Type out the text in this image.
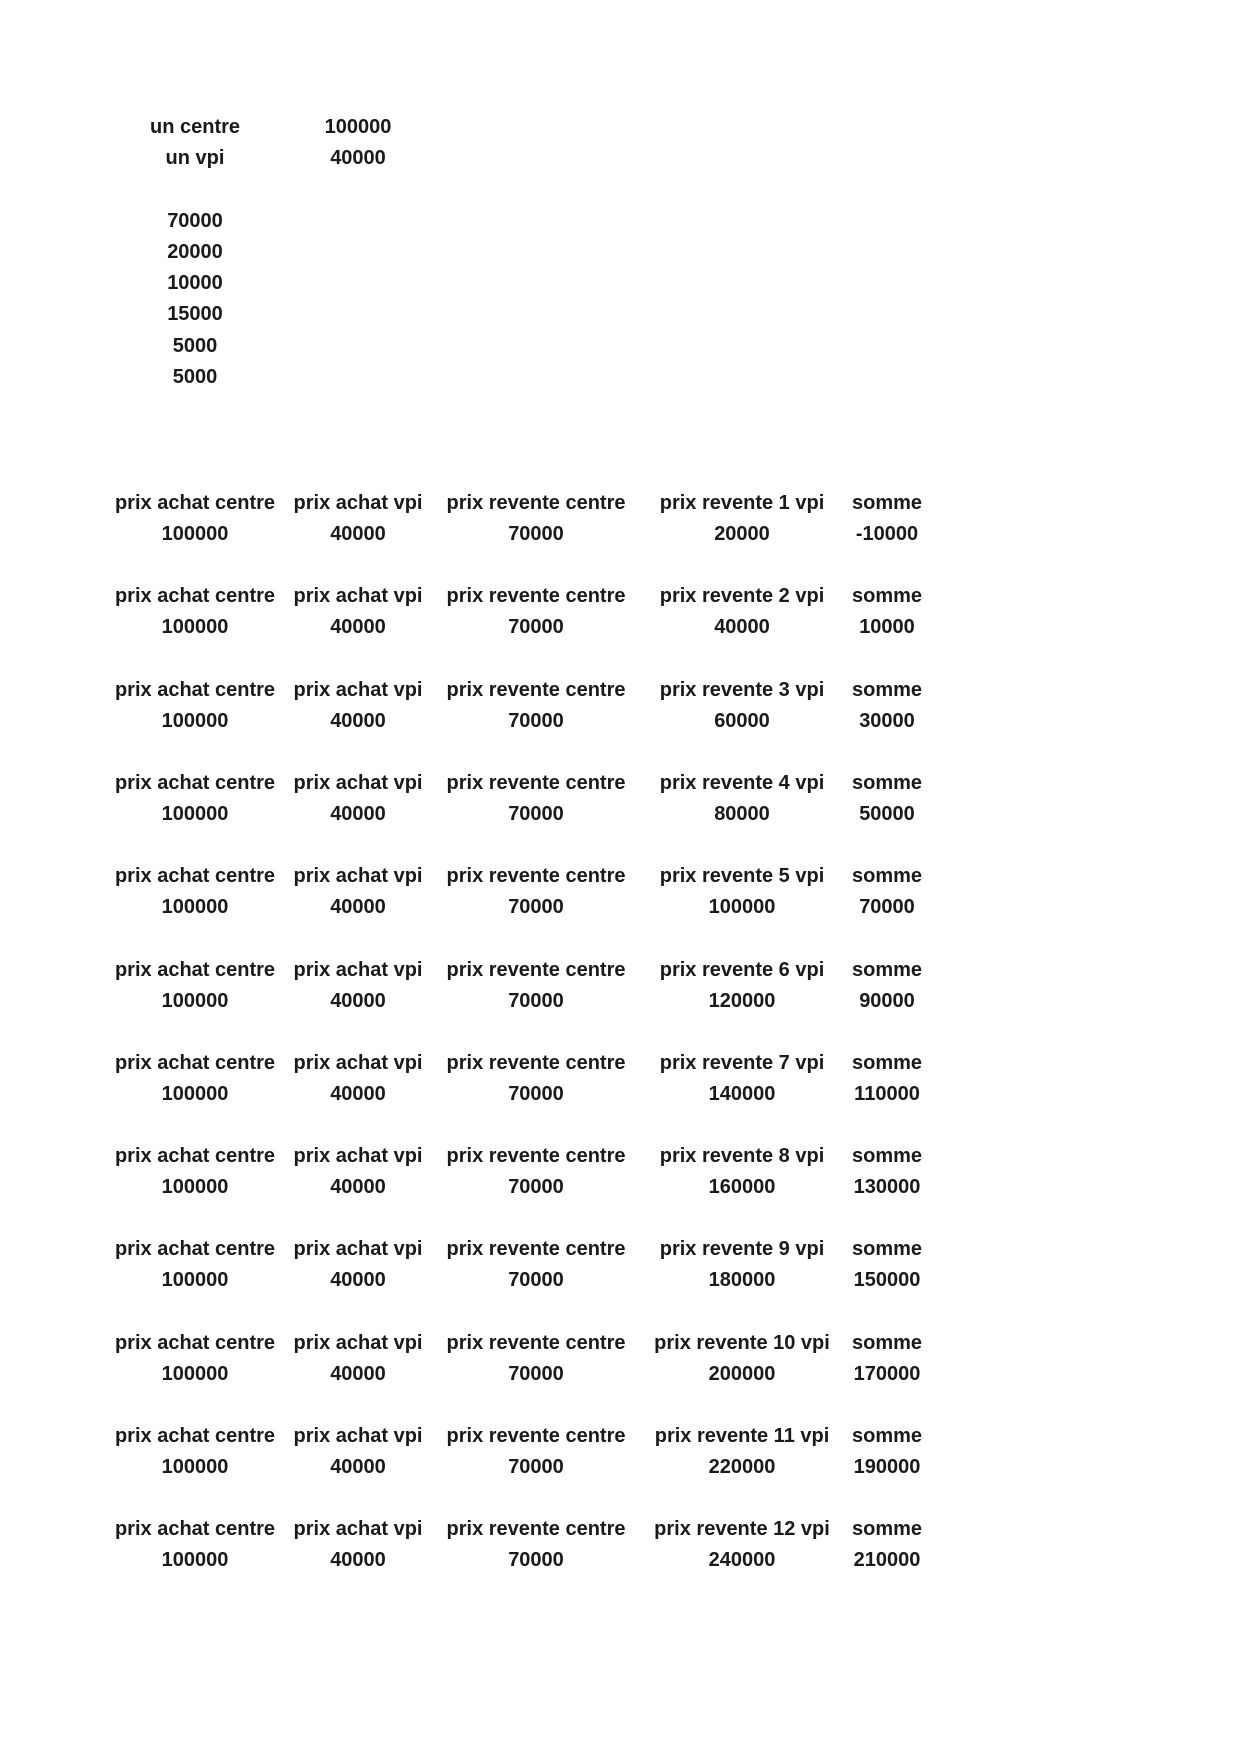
un centre	100000
un vpi	40000
70000
20000
10000
15000
5000
5000
prix achat centre
100000
prix achat vpi
40000
prix revente centre
70000
prix revente 1 vpi
20000
somme
-10000
prix achat centre
100000
prix achat vpi
40000
prix revente centre
70000
prix revente 2 vpi
40000
somme
10000
prix achat centre
100000
prix achat vpi
40000
prix revente centre
70000
prix revente 3 vpi
60000
somme
30000
prix achat centre
100000
prix achat vpi
40000
prix revente centre
70000
prix revente 4 vpi
80000
somme
50000
prix achat centre
100000
prix achat vpi
40000
prix revente centre
70000
prix revente 5 vpi
100000
somme
70000
prix achat centre
100000
prix achat vpi
40000
prix revente centre
70000
prix revente 6 vpi
120000
somme
90000
prix achat centre
100000
prix achat vpi
40000
prix revente centre
70000
prix revente 7 vpi
140000
somme
110000
prix achat centre
100000
prix achat vpi
40000
prix revente centre
70000
prix revente 8 vpi
160000
somme
130000
prix achat centre
100000
prix achat vpi
40000
prix revente centre
70000
prix revente 9 vpi
180000
somme
150000
prix achat centre
100000
prix achat vpi
40000
prix revente centre
70000
prix revente 10 vpi
200000
somme
170000
prix achat centre
100000
prix achat vpi
40000
prix revente centre
70000
prix revente 11 vpi
220000
somme
190000
prix achat centre
100000
prix achat vpi
40000
prix revente centre
70000
prix revente 12 vpi
240000
somme
210000
